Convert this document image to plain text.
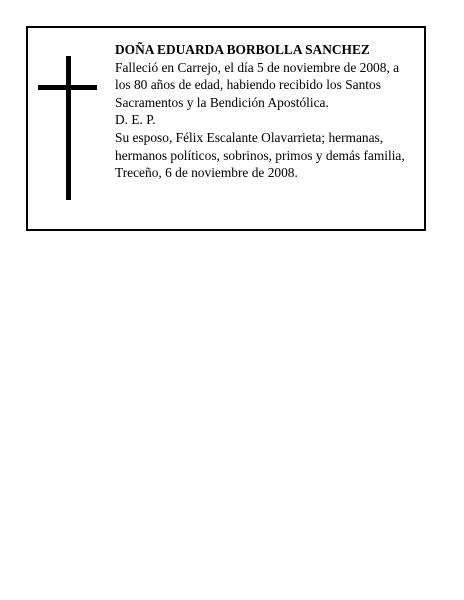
DOÑA EDUARDA BORBOLLA SANCHEZ
Falleció en Carrejo, el día 5 de noviembre de 2008, a
los 80 años de edad, habiendo recibido los Santos
Sacramentos y la Bendición Apostólica.
D. E. P.
Su esposo, Félix Escalante Olavarrieta; hermanas,
hermanos políticos, sobrinos, primos y demás familia,
Treceño, 6 de noviembre de 2008.
